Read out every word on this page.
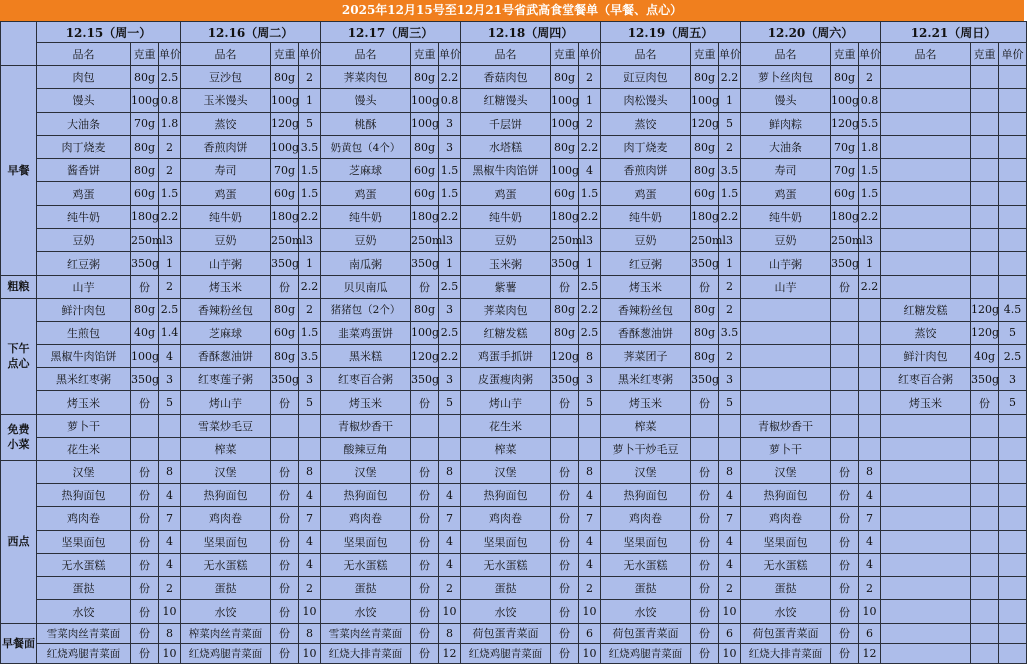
2025年12月15号至12月21号省武高食堂餐单（早餐、点心）
	12.15（周一）			12.16（周二）			12.17（周三）			12.18（周四）			12.19（周五）			12.20（周六）			12.21（周日）		
	品名	克重	单价	品名	克重	单价	品名	克重	单价	品名	克重	单价	品名	克重	单价	品名	克重	单价	品名	克重	单价
早餐	肉包	80g	2.5	豆沙包	80g	2	荠菜肉包	80g	2.2	香菇肉包	80g	2	豇豆肉包	80g	2.2	萝卜丝肉包	80g	2			
	馒头	100g	0.8	玉米馒头	100g	1	馒头	100g	0.8	红糖馒头	100g	1	肉松馒头	100g	1	馒头	100g	0.8			
	大油条	70g	1.8	蒸饺	120g	5	桃酥	100g	3	千层饼	100g	2	蒸饺	120g	5	鲜肉粽	120g	5.5			
	肉丁烧麦	80g	2	香煎肉饼	100g	3.5	奶黄包（4个）	80g	3	水塔糕	80g	2.2	肉丁烧麦	80g	2	大油条	70g	1.8			
	酱香饼	80g	2	寿司	70g	1.5	芝麻球	60g	1.5	黑椒牛肉馅饼	100g	4	香煎肉饼	80g	3.5	寿司	70g	1.5			
	鸡蛋	60g	1.5	鸡蛋	60g	1.5	鸡蛋	60g	1.5	鸡蛋	60g	1.5	鸡蛋	60g	1.5	鸡蛋	60g	1.5			
	纯牛奶	180g	2.2	纯牛奶	180g	2.2	纯牛奶	180g	2.2	纯牛奶	180g	2.2	纯牛奶	180g	2.2	纯牛奶	180g	2.2			
	豆奶	250ml	3	豆奶	250ml	3	豆奶	250ml	3	豆奶	250ml	3	豆奶	250ml	3	豆奶	250ml	3			
	红豆粥	350g	1	山芋粥	350g	1	南瓜粥	350g	1	玉米粥	350g	1	红豆粥	350g	1	山芋粥	350g	1			
粗粮	山芋	份	2	烤玉米	份	2.2	贝贝南瓜	份	2.5	紫薯	份	2.5	烤玉米	份	2	山芋	份	2.2			
下午点心	鲜汁肉包	80g	2.5	香辣粉丝包	80g	2	猪猪包（2个）	80g	3	荠菜肉包	80g	2.2	香辣粉丝包	80g	2				红糖发糕	120g	4.5
	生煎包	40g	1.4	芝麻球	60g	1.5	韭菜鸡蛋饼	100g	2.5	红糖发糕	80g	2.5	香酥葱油饼	80g	3.5				蒸饺	120g	5
	黑椒牛肉馅饼	100g	4	香酥葱油饼	80g	3.5	黑米糕	120g	2.2	鸡蛋手抓饼	120g	8	荠菜团子	80g	2				鲜汁肉包	40g	2.5
	黑米红枣粥	350g	3	红枣莲子粥	350g	3	红枣百合粥	350g	3	皮蛋瘦肉粥	350g	3	黑米红枣粥	350g	3				红枣百合粥	350g	3
	烤玉米	份	5	烤山芋	份	5	烤玉米	份	5	烤山芋	份	5	烤玉米	份	5				烤玉米	份	5
免费小菜	萝卜干			雪菜炒毛豆			青椒炒香干			花生米			榨菜			青椒炒香干					
	花生米			榨菜			酸辣豆角			榨菜			萝卜干炒毛豆			萝卜干					
西点	汉堡	份	8	汉堡	份	8	汉堡	份	8	汉堡	份	8	汉堡	份	8	汉堡	份	8			
	热狗面包	份	4	热狗面包	份	4	热狗面包	份	4	热狗面包	份	4	热狗面包	份	4	热狗面包	份	4			
	鸡肉卷	份	7	鸡肉卷	份	7	鸡肉卷	份	7	鸡肉卷	份	7	鸡肉卷	份	7	鸡肉卷	份	7			
	坚果面包	份	4	坚果面包	份	4	坚果面包	份	4	坚果面包	份	4	坚果面包	份	4	坚果面包	份	4			
	无水蛋糕	份	4	无水蛋糕	份	4	无水蛋糕	份	4	无水蛋糕	份	4	无水蛋糕	份	4	无水蛋糕	份	4			
	蛋挞	份	2	蛋挞	份	2	蛋挞	份	2	蛋挞	份	2	蛋挞	份	2	蛋挞	份	2			
	水饺	份	10	水饺	份	10	水饺	份	10	水饺	份	10	水饺	份	10	水饺	份	10			
早餐面	雪菜肉丝青菜面	份	8	榨菜肉丝青菜面	份	8	雪菜肉丝青菜面	份	8	荷包蛋青菜面	份	6	荷包蛋青菜面	份	6	荷包蛋青菜面	份	6			
	红烧鸡腿青菜面	份	10	红烧鸡腿青菜面	份	10	红烧大排青菜面	份	12	红烧鸡腿青菜面	份	10	红烧鸡腿青菜面	份	10	红烧大排青菜面	份	12			
